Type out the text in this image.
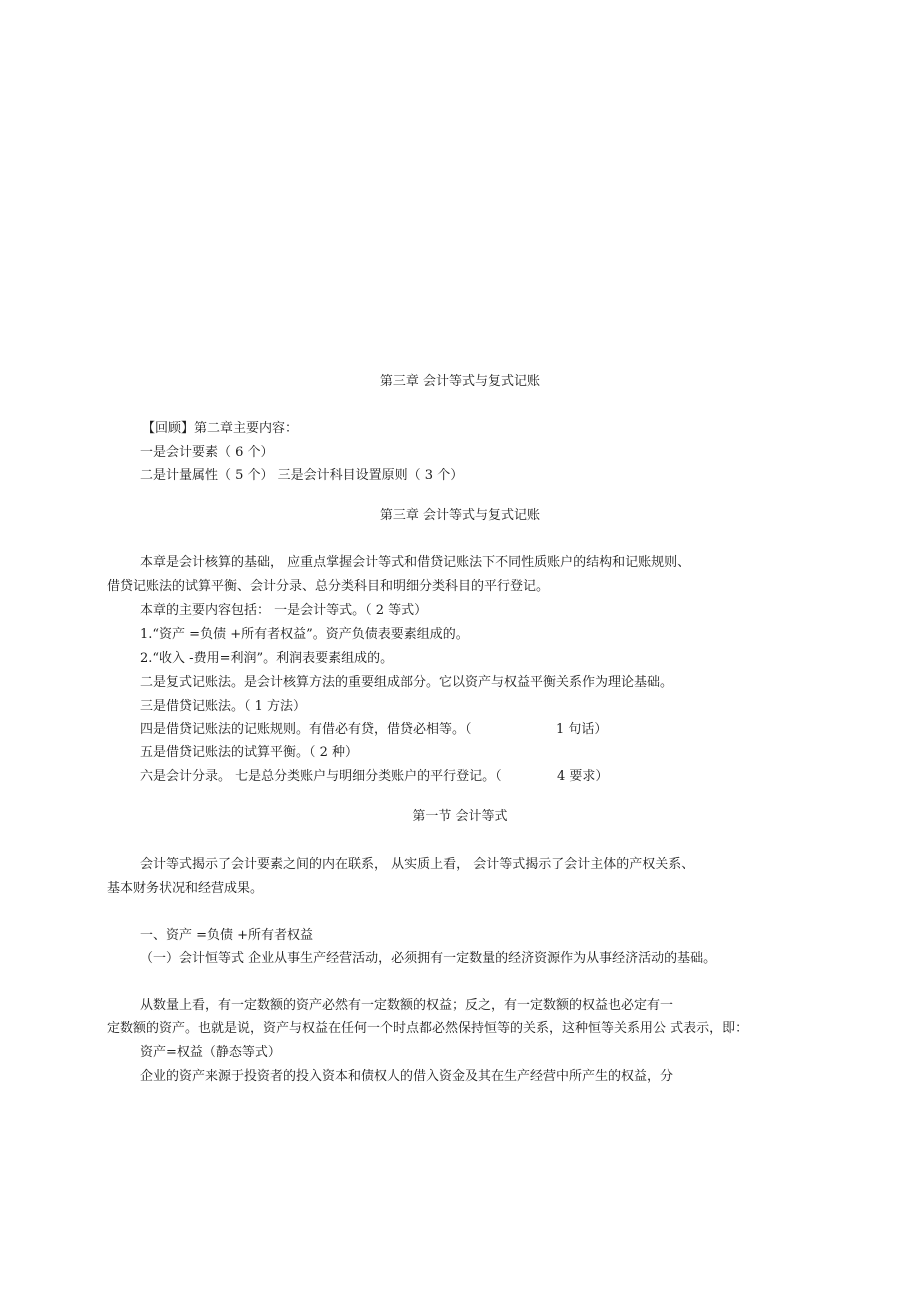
第三章 会计等式与复式记账
【回顾】第二章主要内容：
一是会计要素（ 6 个）
二是计量属性（ 5 个） 三是会计科目设置原则（ 3 个）
第三章 会计等式与复式记账
本章是会计核算的基础， 应重点掌握会计等式和借贷记账法下不同性质账户的结构和记账规则、
借贷记账法的试算平衡、会计分录、总分类科目和明细分类科目的平行登记。
本章的主要内容包括： 一是会计等式。（ 2 等式）
1.“资产 =负债 +所有者权益”。资产负债表要素组成的。
2.“收入 -费用=利润”。利润表要素组成的。
二是复式记账法。是会计核算方法的重要组成部分。它以资产与权益平衡关系作为理论基础。
三是借贷记账法。（ 1 方法）
四是借贷记账法的记账规则。有借必有贷，借贷必相等。（	1 句话）
五是借贷记账法的试算平衡。（ 2 种）
六是会计分录。 七是总分类账户与明细分类账户的平行登记。（	4 要求）
第一节 会计等式
会计等式揭示了会计要素之间的内在联系， 从实质上看， 会计等式揭示了会计主体的产权关系、
基本财务状况和经营成果。
一、资产 =负债 +所有者权益
（一）会计恒等式 企业从事生产经营活动，必须拥有一定数量的经济资源作为从事经济活动的基础。
从数量上看，有一定数额的资产必然有一定数额的权益；反之，有一定数额的权益也必定有一
定数额的资产。也就是说，资产与权益在任何一个时点都必然保持恒等的关系，这种恒等关系用公 式表示，即：
资产=权益（静态等式）
企业的资产来源于投资者的投入资本和债权人的借入资金及其在生产经营中所产生的权益，分
